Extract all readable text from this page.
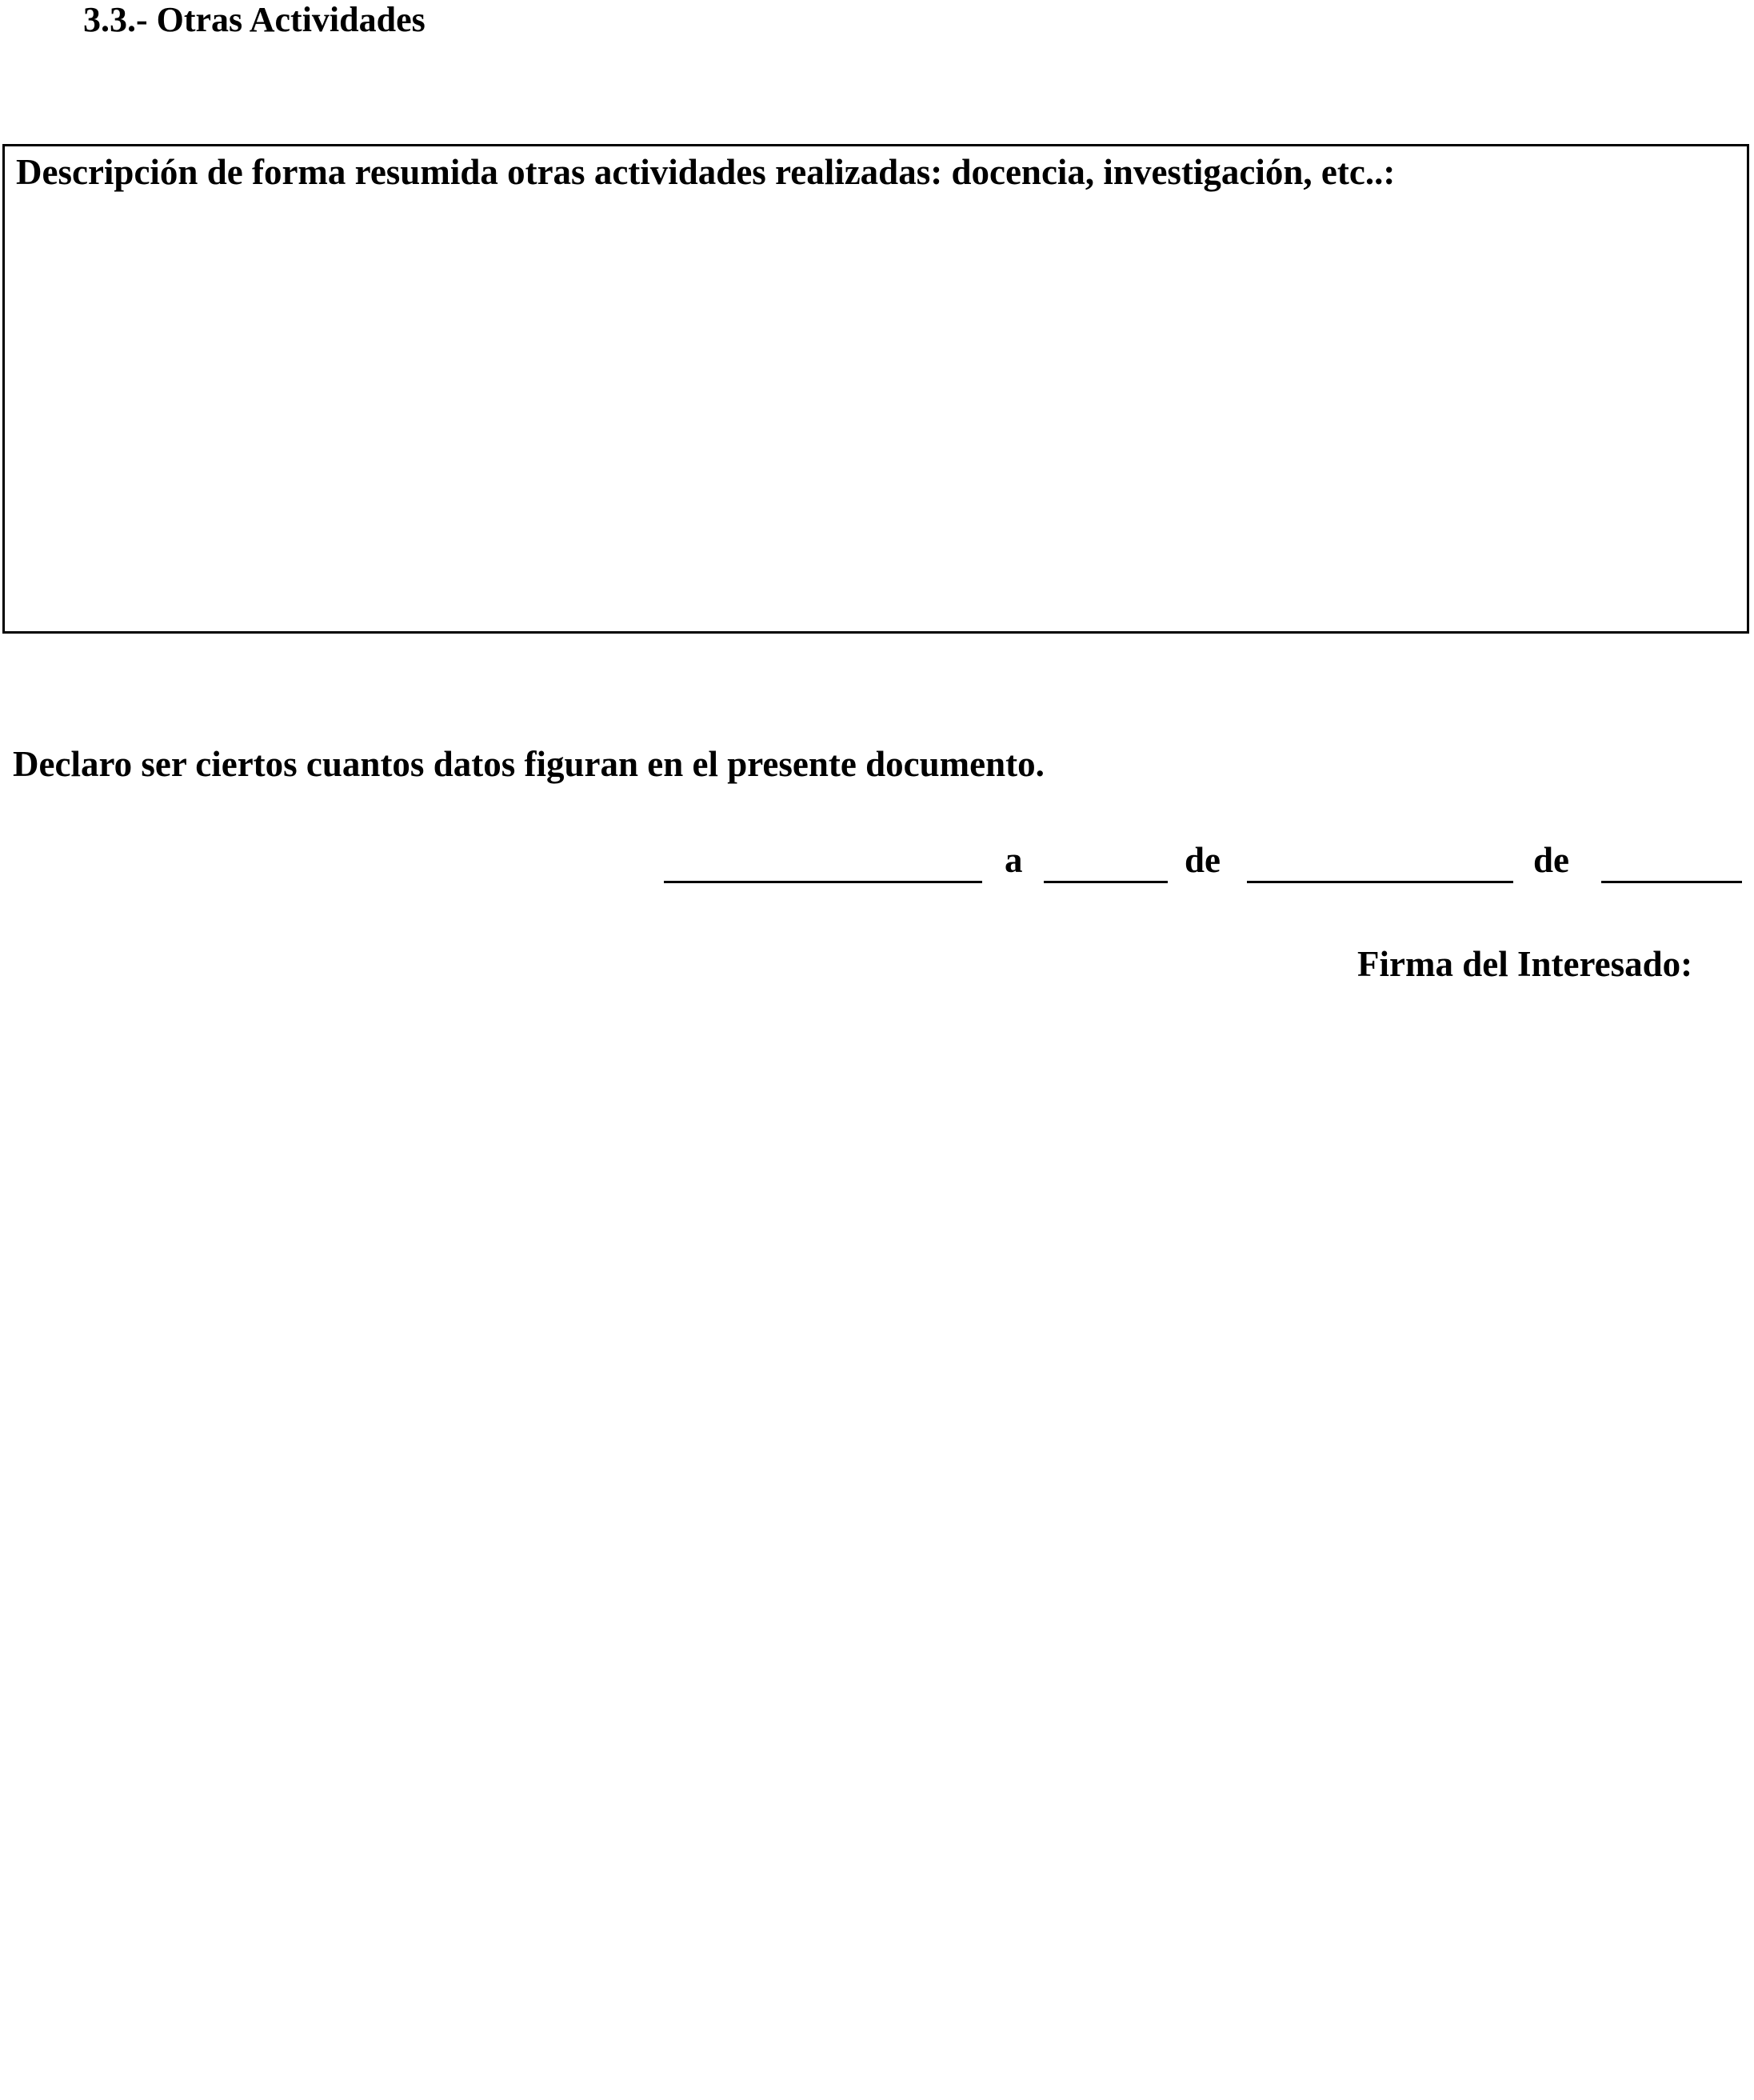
3.3.- Otras Actividades
Descripción de forma resumida otras actividades realizadas: docencia, investigación, etc..:
Declaro ser ciertos cuantos datos figuran en el presente documento.
a	de	de
Firma del Interesado:
